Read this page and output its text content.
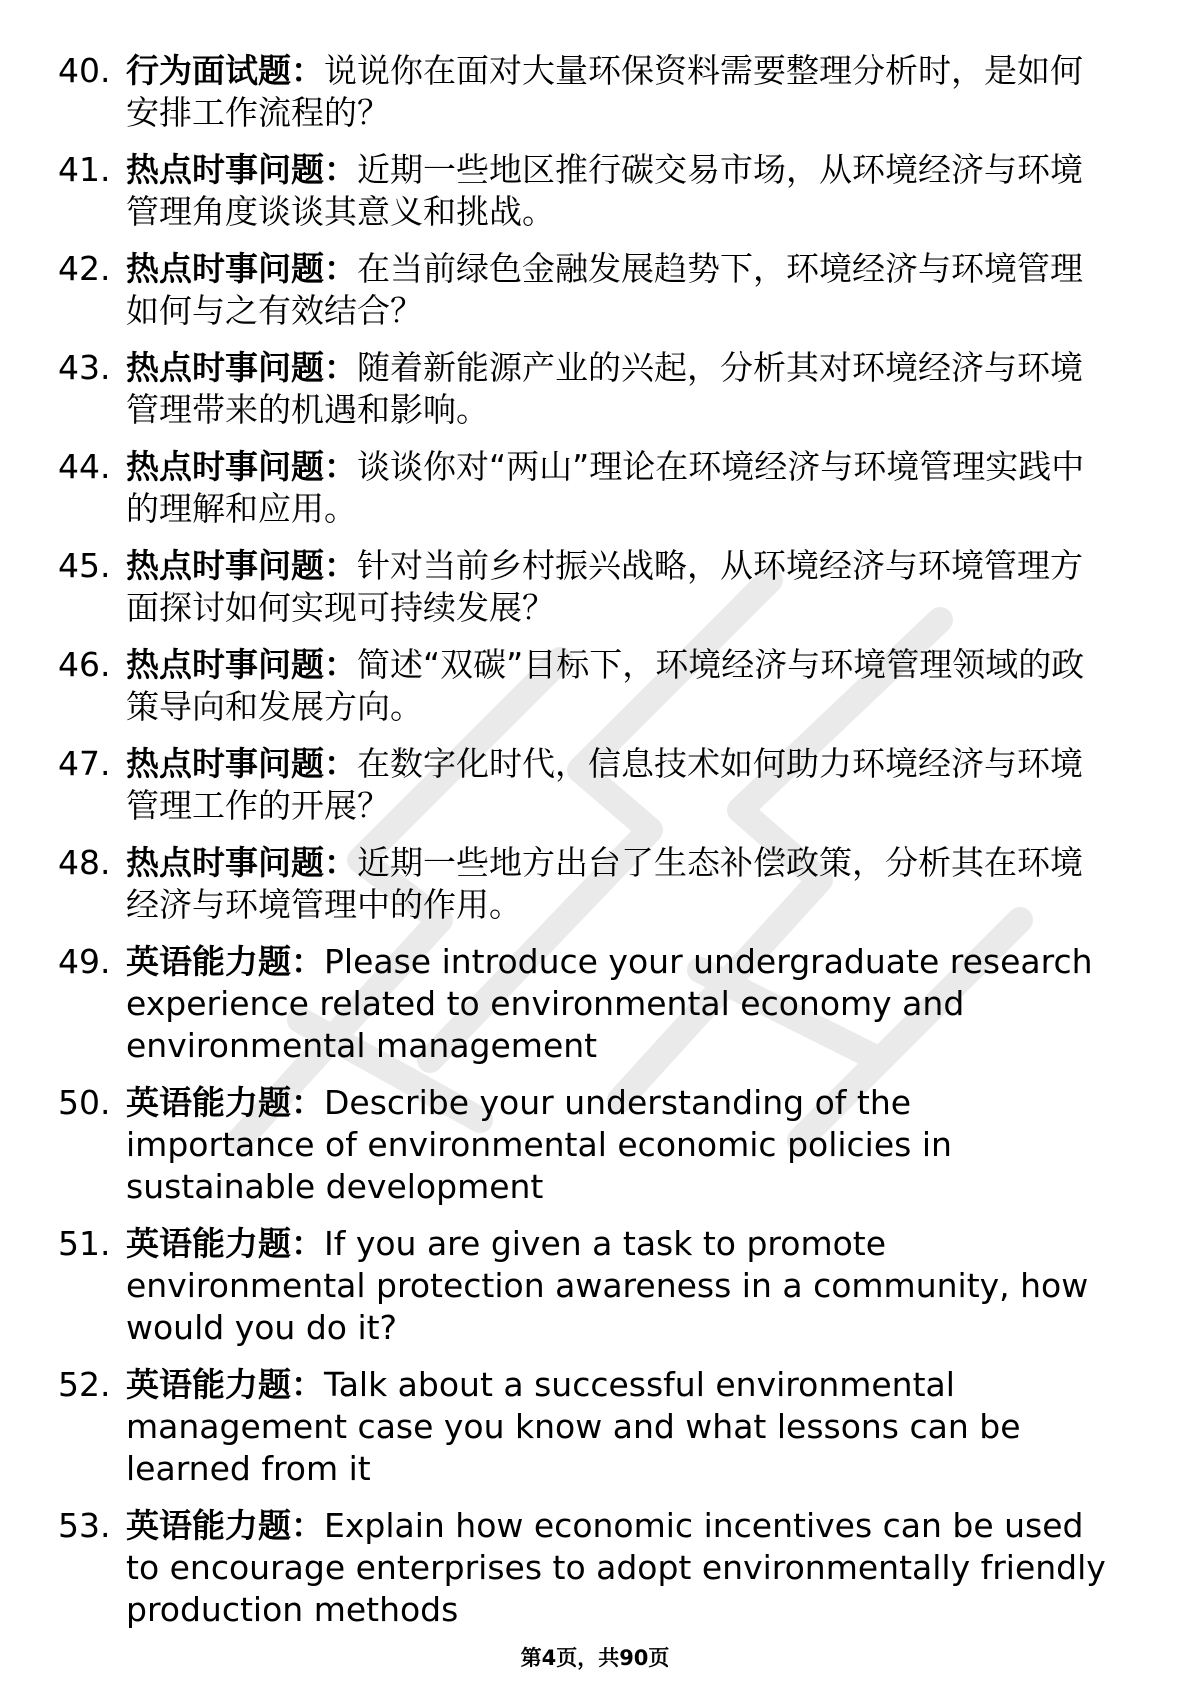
40. 行为面试题：说说你在面对大量环保资料需要整理分析时，是如何安排工作流程的？
41. 热点时事问题：近期一些地区推行碳交易市场，从环境经济与环境管理角度谈谈其意义和挑战。
42. 热点时事问题：在当前绿色金融发展趋势下，环境经济与环境管理如何与之有效结合？
43. 热点时事问题：随着新能源产业的兴起，分析其对环境经济与环境管理带来的机遇和影响。
44. 热点时事问题：谈谈你对“两山”理论在环境经济与环境管理实践中的理解和应用。
45. 热点时事问题：针对当前乡村振兴战略，从环境经济与环境管理方面探讨如何实现可持续发展？
46. 热点时事问题：简述“双碳”目标下，环境经济与环境管理领域的政策导向和发展方向。
47. 热点时事问题：在数字化时代，信息技术如何助力环境经济与环境管理工作的开展？
48. 热点时事问题：近期一些地方出台了生态补偿政策，分析其在环境经济与环境管理中的作用。
49. 英语能力题：Please introduce your undergraduate research experience related to environmental economy and environmental management
50. 英语能力题：Describe your understanding of the importance of environmental economic policies in sustainable development
51. 英语能力题：If you are given a task to promote environmental protection awareness in a community, how would you do it?
52. 英语能力题：Talk about a successful environmental management case you know and what lessons can be learned from it
53. 英语能力题：Explain how economic incentives can be used to encourage enterprises to adopt environmentally friendly production methods
第4页，共90页
